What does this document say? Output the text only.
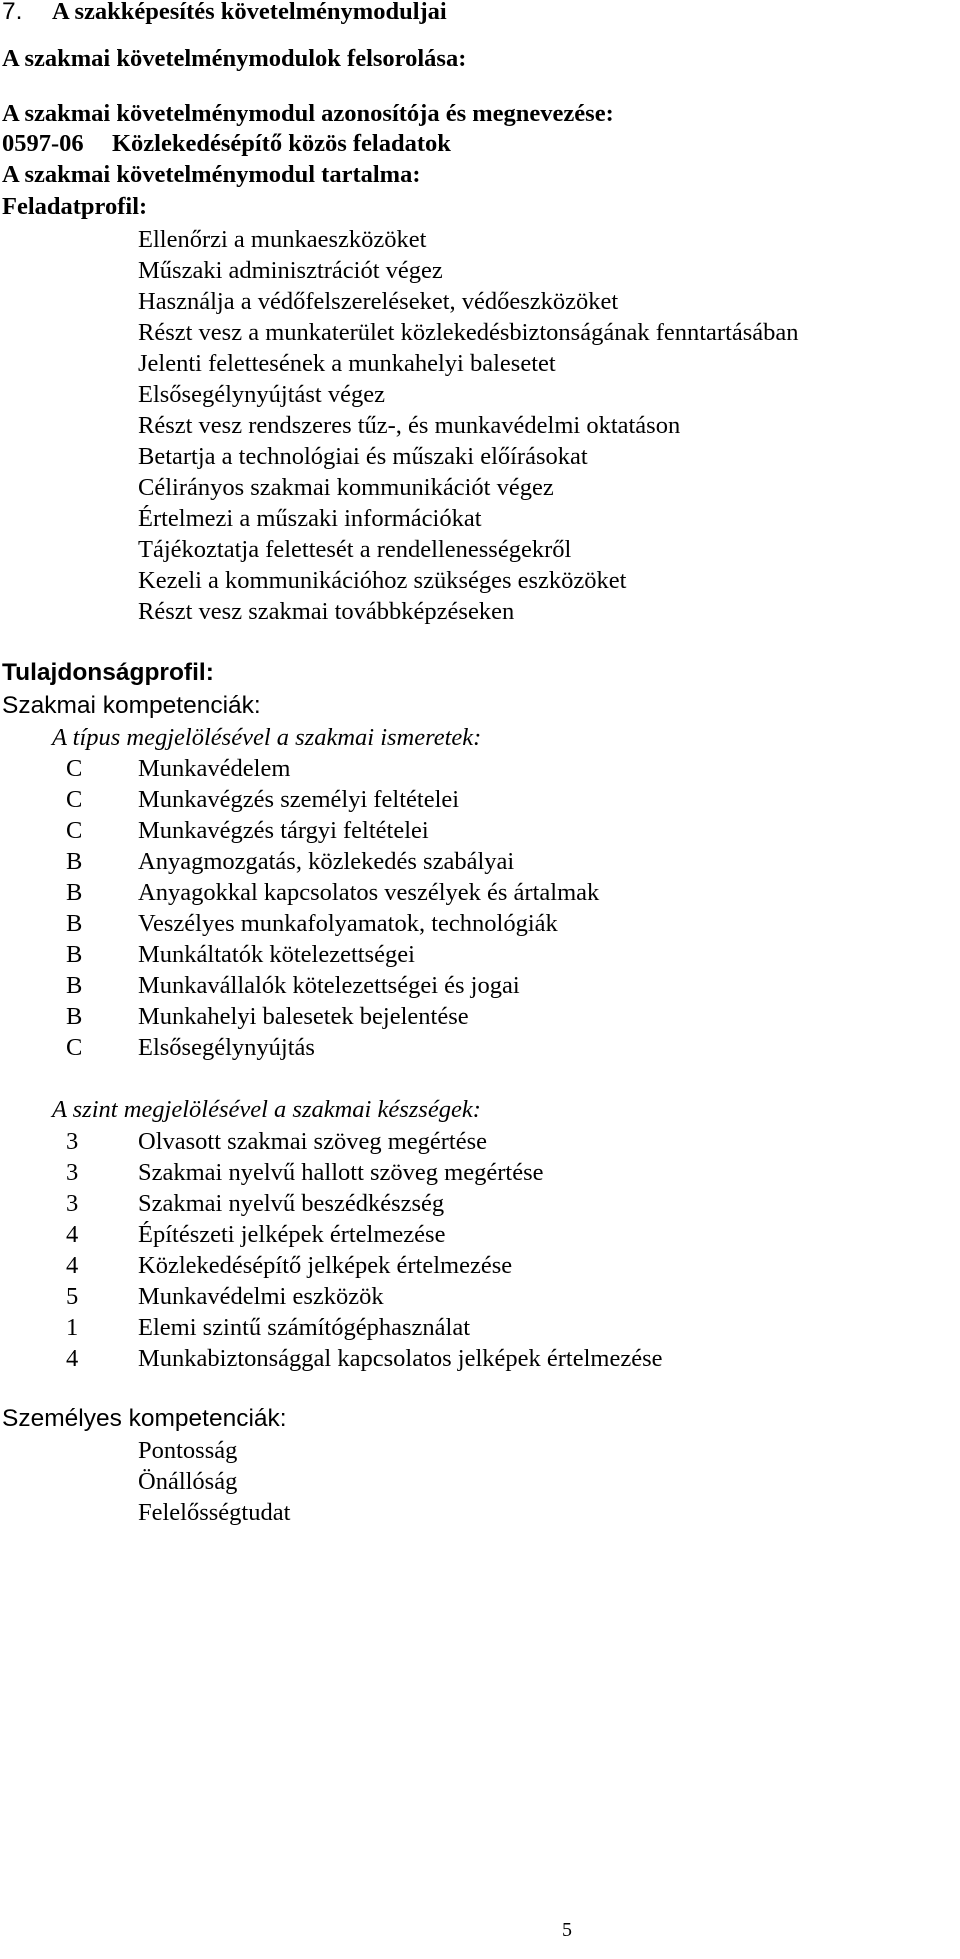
7. A szakképesítés követelménymoduljai
A szakmai követelménymodulok felsorolása:
A szakmai követelménymodul azonosítója és megnevezése:
0597-06 Közlekedésépítő közös feladatok
A szakmai követelménymodul tartalma:
Feladatprofil:
Ellenőrzi a munkaeszközöket
Műszaki adminisztrációt végez
Használja a védőfelszereléseket, védőeszközöket
Részt vesz a munkaterület közlekedésbiztonságának fenntartásában
Jelenti felettesének a munkahelyi balesetet
Elsősegélynyújtást végez
Részt vesz rendszeres tűz-, és munkavédelmi oktatáson
Betartja a technológiai és műszaki előírásokat
Célirányos szakmai kommunikációt végez
Értelmezi a műszaki információkat
Tájékoztatja felettesét a rendellenességekről
Kezeli a kommunikációhoz szükséges eszközöket
Részt vesz szakmai továbbképzéseken
Tulajdonságprofil:
Szakmai kompetenciák:
A típus megjelölésével a szakmai ismeretek:
C Munkavédelem
C Munkavégzés személyi feltételei
C Munkavégzés tárgyi feltételei
B Anyagmozgatás, közlekedés szabályai
B Anyagokkal kapcsolatos veszélyek és ártalmak
B Veszélyes munkafolyamatok, technológiák
B Munkáltatók kötelezettségei
B Munkavállalók kötelezettségei és jogai
B Munkahelyi balesetek bejelentése
C Elsősegélynyújtás
A szint megjelölésével a szakmai készségek:
3 Olvasott szakmai szöveg megértése
3 Szakmai nyelvű hallott szöveg megértése
3 Szakmai nyelvű beszédkészség
4 Építészeti jelképek értelmezése
4 Közlekedésépítő jelképek értelmezése
5 Munkavédelmi eszközök
1 Elemi szintű számítógéphasználat
4 Munkabiztonsággal kapcsolatos jelképek értelmezése
Személyes kompetenciák:
Pontosság
Önállóság
Felelősségtudat
5
